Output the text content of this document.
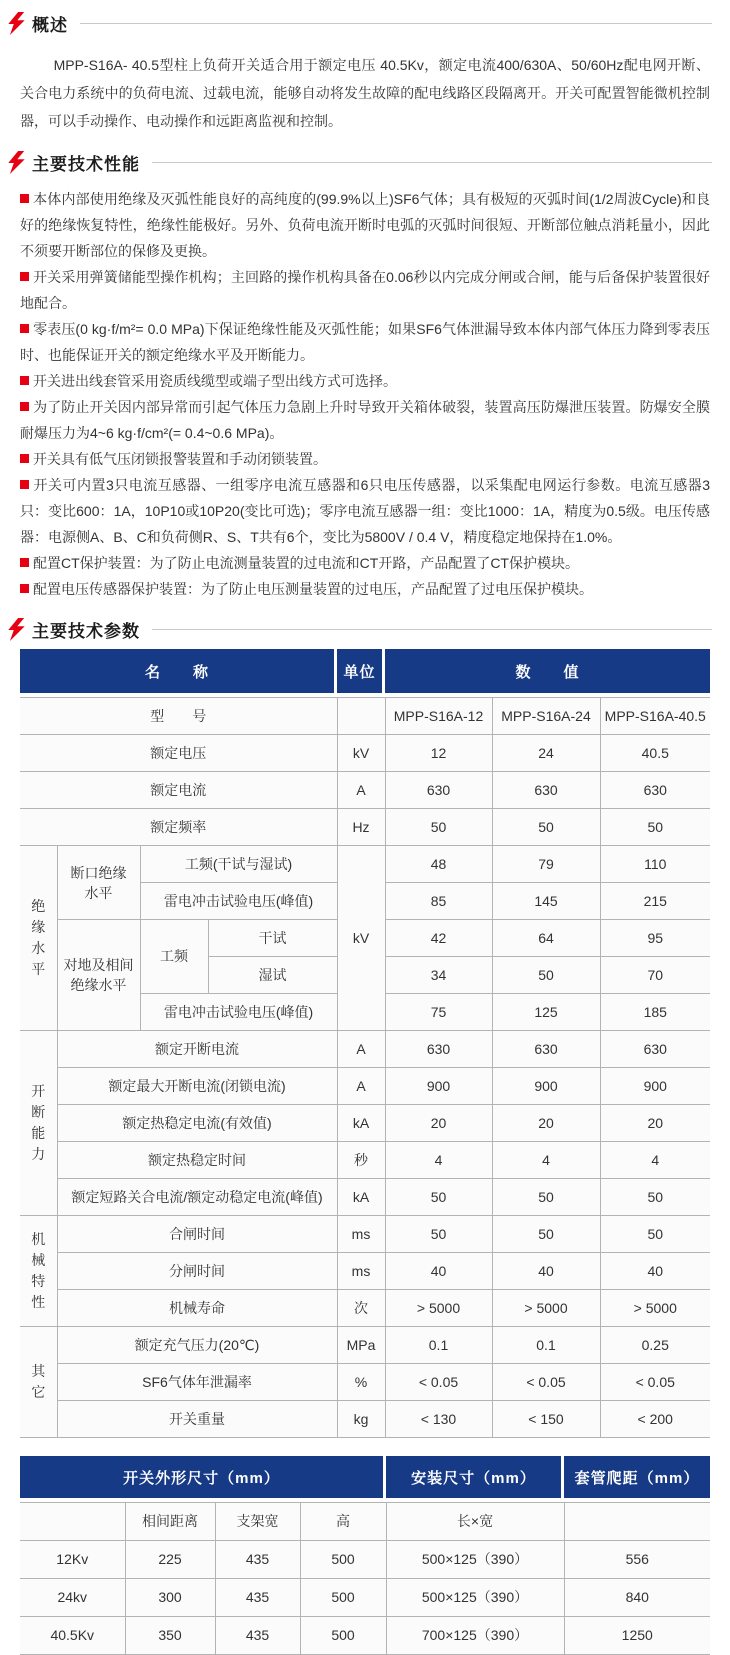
概述

MPP-S16A- 40.5型柱上负荷开关适合用于额定电压 40.5Kv，额定电流400/630A、50/60Hz配电网开断、关合电力系统中的负荷电流、过载电流，能够自动将发生故障的配电线路区段隔离开。开关可配置智能微机控制器，可以手动操作、电动操作和远距离监视和控制。

主要技术性能

本体内部使用绝缘及灭弧性能良好的高纯度的(99.9%以上)SF6气体；具有极短的灭弧时间(1/2周波Cycle)和良好的绝缘恢复特性，绝缘性能极好。另外、负荷电流开断时电弧的灭弧时间很短、开断部位触点消耗量小，因此不须要开断部位的保修及更换。

开关采用弹簧储能型操作机构；主回路的操作机构具备在0.06秒以内完成分闸或合闸，能与后备保护装置很好地配合。

零表压(0 kg·f/m²= 0.0 MPa)下保证绝缘性能及灭弧性能；如果SF6气体泄漏导致本体内部气体压力降到零表压时、也能保证开关的额定绝缘水平及开断能力。

开关进出线套管采用瓷质线缆型或端子型出线方式可选择。

为了防止开关因内部异常而引起气体压力急剧上升时导致开关箱体破裂，装置高压防爆泄压装置。防爆安全膜耐爆压力为4~6 kg·f/cm²(= 0.4~0.6 MPa)。

开关具有低气压闭锁报警装置和手动闭锁装置。

开关可内置3只电流互感器、一组零序电流互感器和6只电压传感器，以采集配电网运行参数。电流互感器3只：变比600：1A，10P10或10P20(变比可选)；零序电流互感器一组：变比1000：1A，精度为0.5级。电压传感器：电源侧A、B、C和负荷侧R、S、T共有6个，变比为5800V / 0.4 V，精度稳定地保持在1.0%。

配置CT保护装置：为了防止电流测量装置的过电流和CT开路，产品配置了CT保护模块。

配置电压传感器保护装置：为了防止电压测量装置的过电压，产品配置了过电压保护模块。

主要技术参数
名　　称	单位	数　　值
型　　号					MPP-S16A-12	MPP-S16A-24	MPP-S16A-40.5
额定电压				kV	12	24	40.5
额定电流				A	630	630	630
额定频率				Hz	50	50	50
绝缘水平	断口绝缘水平	工频(干试与湿试)		kV	48	79	110
		雷电冲击试验电压(峰值)			85	145	215
	对地及相间绝缘水平	工频	干试		42	64	95
			湿试		34	50	70
		雷电冲击试验电压(峰值)			75	125	185
开断能力	额定开断电流			A	630	630	630
	额定最大开断电流(闭锁电流)			A	900	900	900
	额定热稳定电流(有效值)			kA	20	20	20
	额定热稳定时间			秒	4	4	4
	额定短路关合电流/额定动稳定电流(峰值)			kA	50	50	50
机械特性	合闸时间			ms	50	50	50
	分闸时间			ms	40	40	40
	机械寿命			次	> 5000	> 5000	> 5000
其它	额定充气压力(20℃)			MPa	0.1	0.1	0.25
	SF6气体年泄漏率			%	< 0.05	< 0.05	< 0.05
	开关重量			kg	< 130	< 150	< 200
开关外形尺寸（mm）	安装尺寸（mm）	套管爬距（mm）
	相间距离	支架宽	高	长×宽	
12Kv	225	435	500	500×125（390）	556
24kv	300	435	500	500×125（390）	840
40.5Kv	350	435	500	700×125（390）	1250
